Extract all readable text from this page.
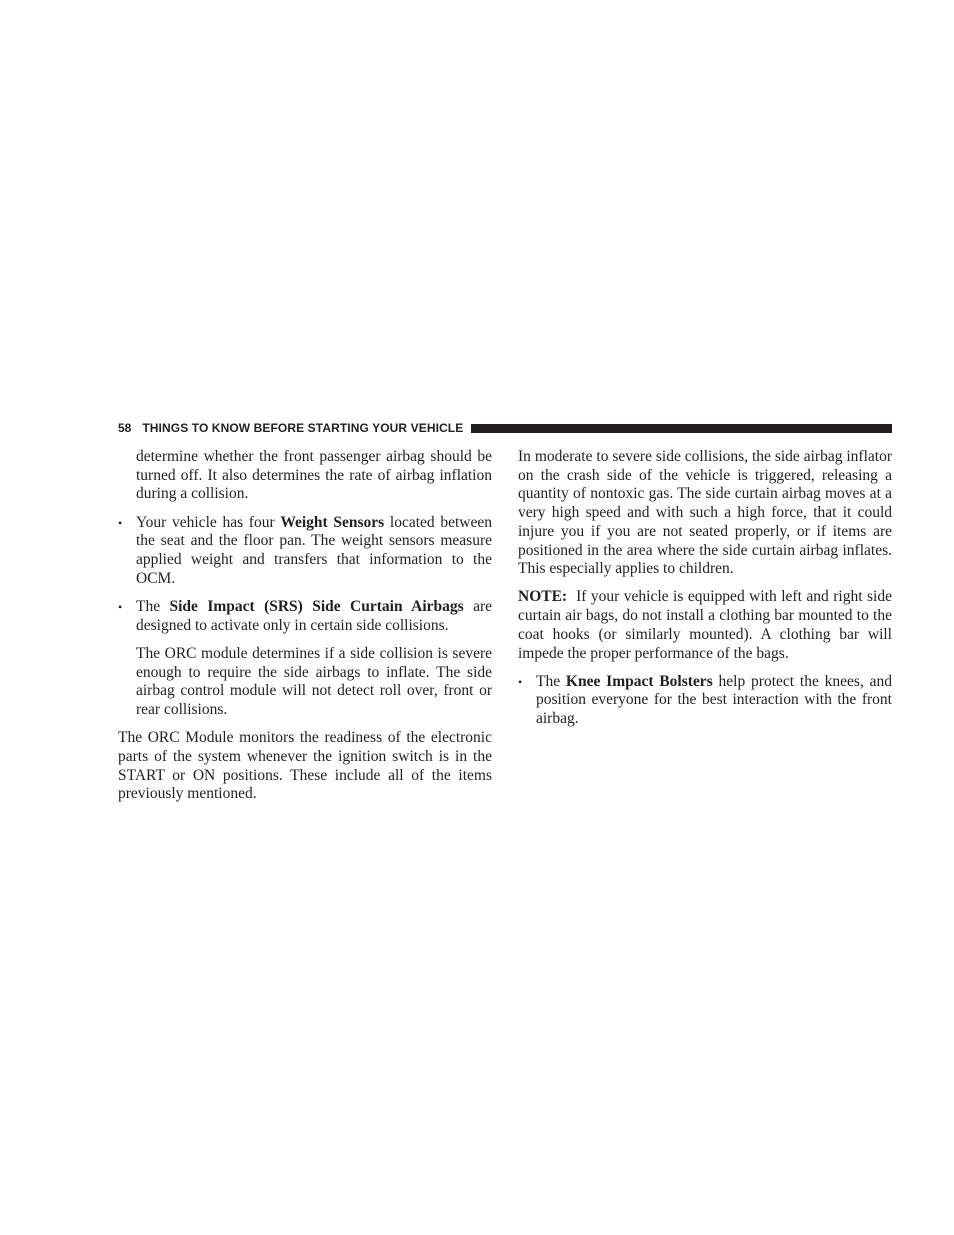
58 THINGS TO KNOW BEFORE STARTING YOUR VEHICLE

determine whether the front passenger airbag should be turned off. It also determines the rate of airbag inflation during a collision.

• Your vehicle has four Weight Sensors located between the seat and the floor pan. The weight sensors measure applied weight and transfers that information to the OCM.
• The Side Impact (SRS) Side Curtain Airbags are designed to activate only in certain side collisions.

The ORC module determines if a side collision is severe enough to require the side airbags to inflate. The side airbag control module will not detect roll over, front or rear collisions.

The ORC Module monitors the readiness of the electronic parts of the system whenever the ignition switch is in the START or ON positions. These include all of the items previously mentioned.

In moderate to severe side collisions, the side airbag inflator on the crash side of the vehicle is triggered, releasing a quantity of nontoxic gas. The side curtain airbag moves at a very high speed and with such a high force, that it could injure you if you are not seated properly, or if items are positioned in the area where the side curtain airbag inflates. This especially applies to children.

NOTE:  If your vehicle is equipped with left and right side curtain air bags, do not install a clothing bar mounted to the coat hooks (or similarly mounted). A clothing bar will impede the proper performance of the bags.

• The Knee Impact Bolsters help protect the knees, and position everyone for the best interaction with the front airbag.
